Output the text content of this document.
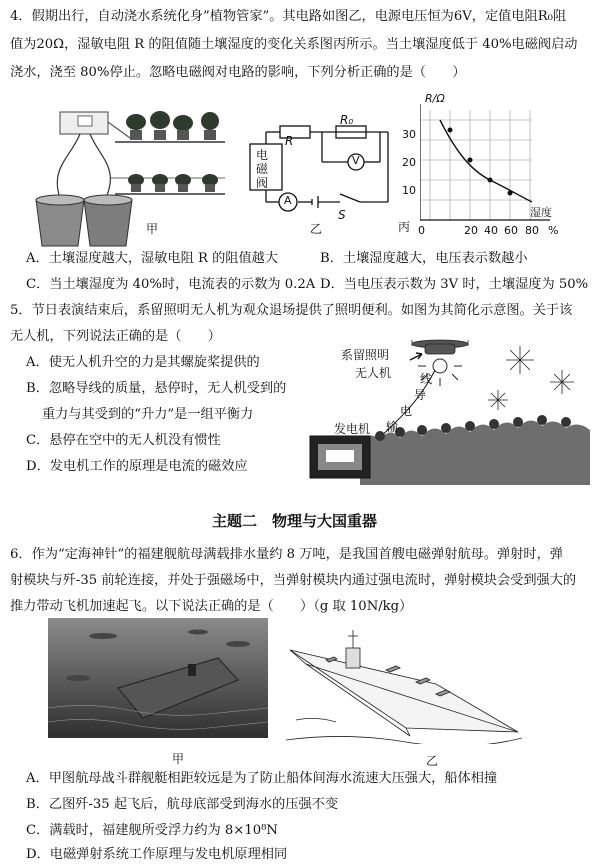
4．假期出行，自动浇水系统化身”植物管家”。其电路如图乙，电源电压恒为6V，定值电阻R₀阻
值为20Ω，湿敏电阻 R 的阻值随土壤湿度的变化关系图丙所示。当土壤湿度低于 40%电磁阀启动
浇水，浇至 80%停止。忽略电磁阀对电路的影响，下列分析正确的是（　　）
甲
R
R₀
V
A
S
电磁阀
乙
R/Ω
30
20
10
0	20 40 60 80 %
湿度
丙
A．土壤湿度越大，湿敏电阻 R 的阻值越大	B．土壤湿度越大，电压表示数越小
C．当土壤湿度为 40%时，电流表的示数为 0.2A D．当电压表示数为 3V 时，土壤湿度为 50%
5．节日表演结束后，系留照明无人机为观众退场提供了照明便利。如图为其简化示意图。关于该
无人机，下列说法正确的是（　　）
A．使无人机升空的力是其螺旋桨提供的
B．忽略导线的质量，悬停时，无人机受到的
重力与其受到的“升力”是一组平衡力
C．悬停在空中的无人机没有惯性
D．发电机工作的原理是电流的磁效应
系留照明
无人机 线
导
电
输
发电机
主题二　物理与大国重器
6．作为“定海神针”的福建舰航母满载排水量约 8 万吨，是我国首艘电磁弹射航母。弹射时，弹
射模块与歼-35 前轮连接，并处于强磁场中，当弹射模块内通过强电流时，弹射模块会受到强大的
推力带动飞机加速起飞。以下说法正确的是（　　）（g 取 10N/kg）
甲	乙
A．甲图航母战斗群舰艇相距较远是为了防止船体间海水流速大压强大，船体相撞
B．乙图歼-35 起飞后，航母底部受到海水的压强不变
C．满载时，福建舰所受浮力约为 8×10⁸N
D．电磁弹射系统工作原理与发电机原理相同
